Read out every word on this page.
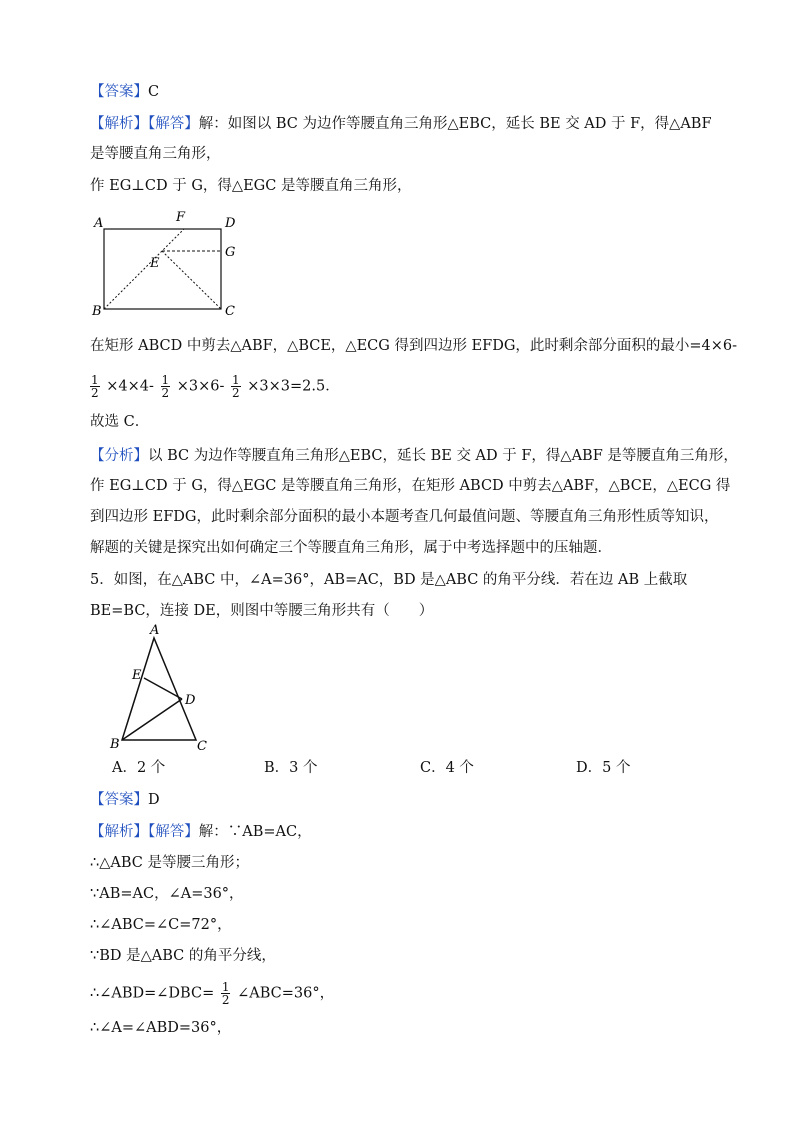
【答案】C
【解析】【解答】解：如图以 BC 为边作等腰直角三角形△EBC，延长 BE 交 AD 于 F，得△ABF
是等腰直角三角形，
作 EG⊥CD 于 G，得△EGC 是等腰直角三角形，
A	F	D
G
E
B	C
在矩形 ABCD 中剪去△ABF，△BCE，△ECG 得到四边形 EFDG，此时剩余部分面积的最小=4×6-
$\frac{1}{2} \times 4\times 4- \frac{1}{2} \times 3\times 6- \frac{1}{2} \times 3\times 3=2.5$．
故选 C．
【分析】以 BC 为边作等腰直角三角形△EBC，延长 BE 交 AD 于 F，得△ABF 是等腰直角三角形，
作 EG⊥CD 于 G，得△EGC 是等腰直角三角形，在矩形 ABCD 中剪去△ABF，△BCE，△ECG 得
到四边形 EFDG，此时剩余部分面积的最小本题考查几何最值问题、等腰直角三角形性质等知识，
解题的关键是探究出如何确定三个等腰直角三角形，属于中考选择题中的压轴题．
5．如图，在△ABC 中，∠A=36°，AB=AC，BD 是△ABC 的角平分线．若在边 AB 上截取
BE=BC，连接 DE，则图中等腰三角形共有（　　）
A
E
D
B	C
A．2 个	B．3 个	C．4 个	D．5 个
【答案】D
【解析】【解答】解：∵AB=AC，
∴△ABC 是等腰三角形；
∵AB=AC，∠A=36°，
∴∠ABC=∠C=72°，
∵BD 是△ABC 的角平分线，
∴∠ABD=∠DBC= $\frac{1}{2}$ ∠ABC=36°，
∴∠A=∠ABD=36°，
